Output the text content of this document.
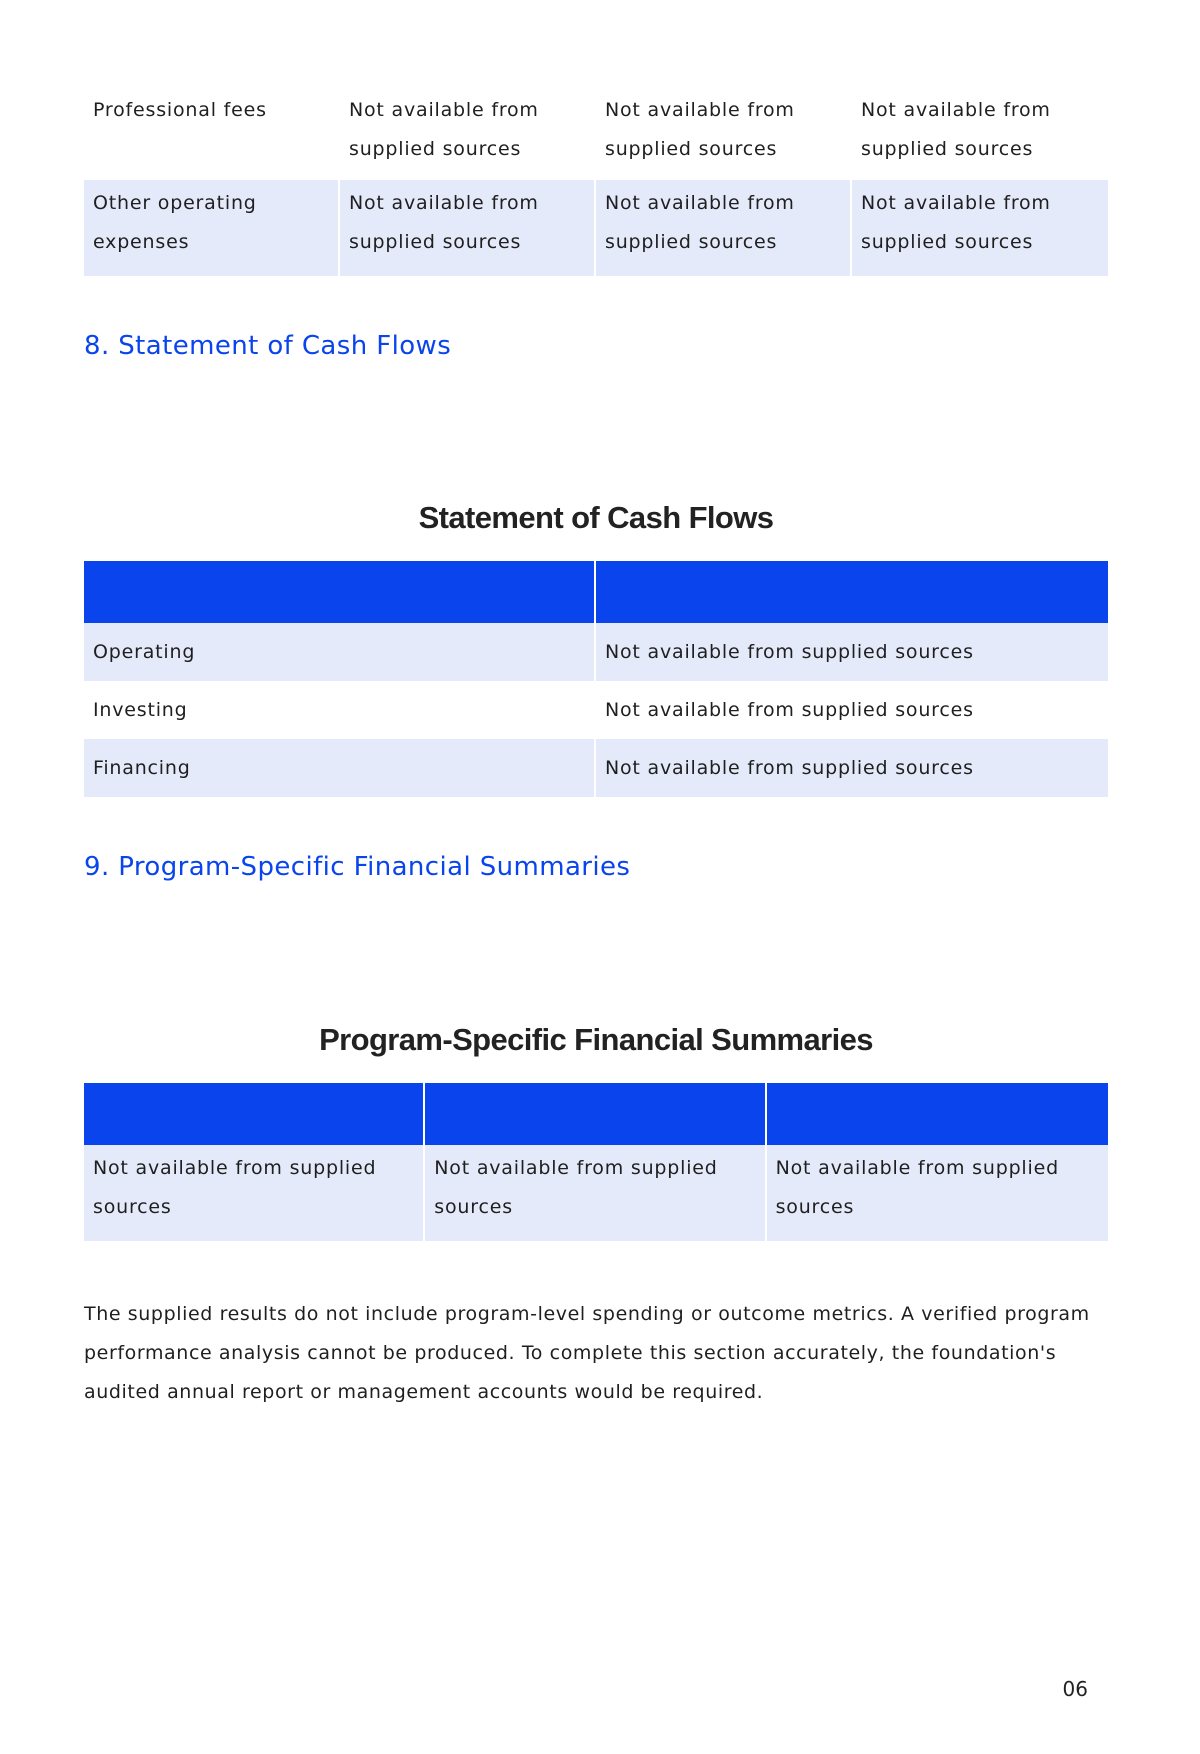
Professional fees	Not available from supplied sources	Not available from supplied sources	Not available from supplied sources
Other operating expenses	Not available from supplied sources	Not available from supplied sources	Not available from supplied sources
8. Statement of Cash Flows
Statement of Cash Flows

Operating	Not available from supplied sources
Investing	Not available from supplied sources
Financing	Not available from supplied sources
9. Program-Specific Financial Summaries
Program-Specific Financial Summaries

Not available from supplied sources	Not available from supplied sources	Not available from supplied sources

The supplied results do not include program-level spending or outcome metrics. A verified program performance analysis cannot be produced. To complete this section accurately, the foundation's audited annual report or management accounts would be required.

06
